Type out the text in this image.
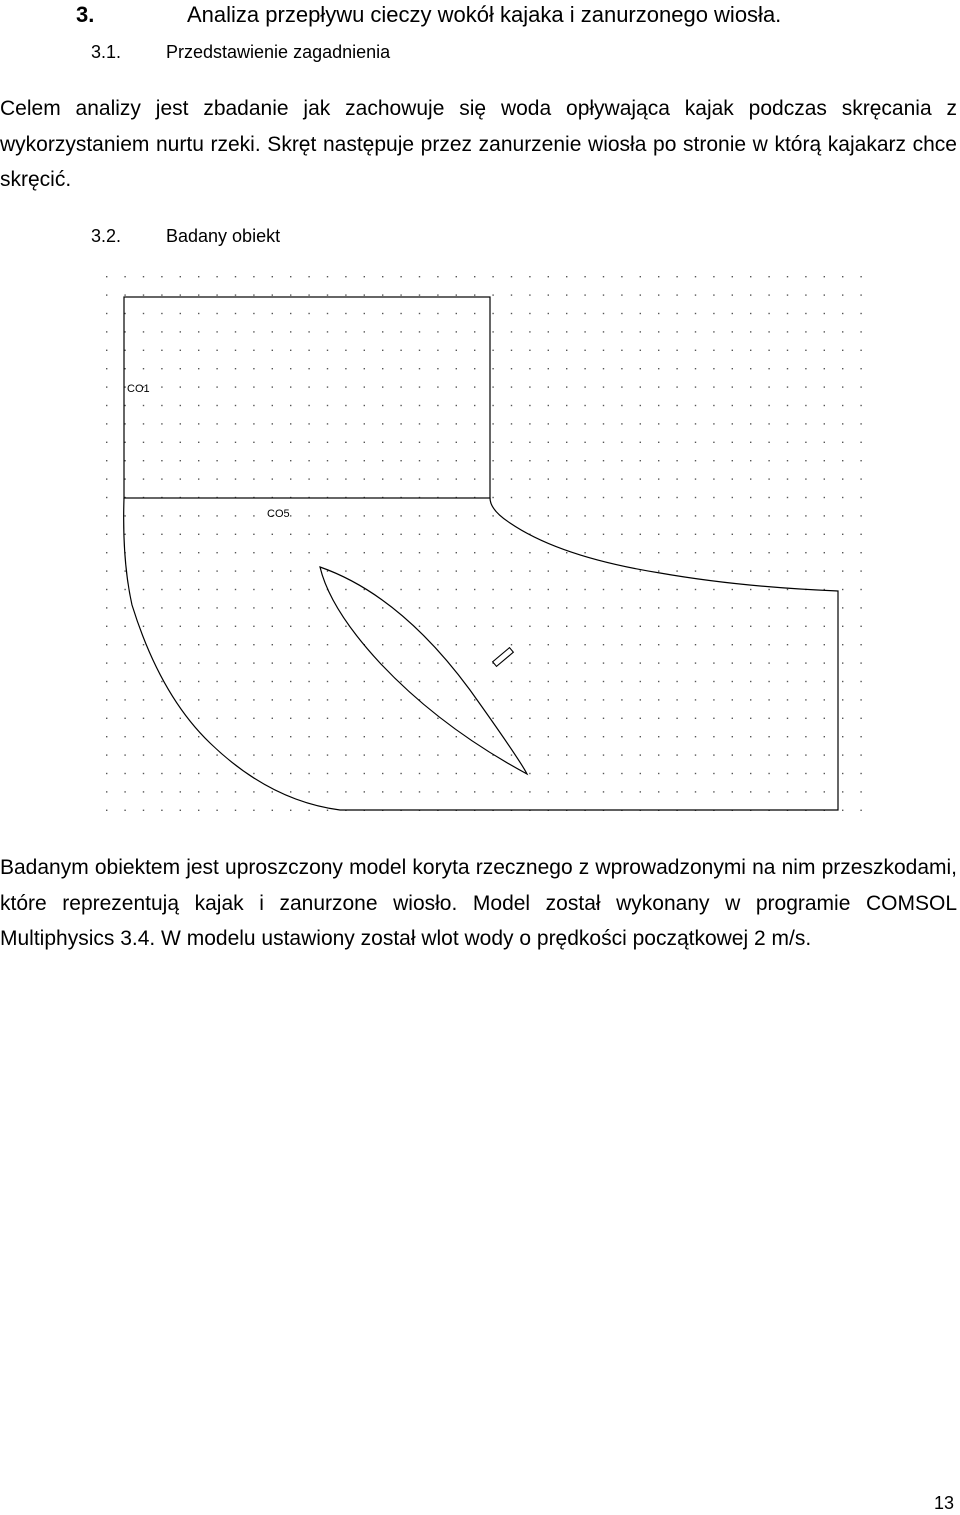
3.	Analiza przepływu cieczy wokół kajaka i zanurzonego wiosła.
3.1. Przedstawienie zagadnienia

Celem analizy jest zbadanie jak zachowuje się woda opływająca kajak podczas skręcania z wykorzystaniem nurtu rzeki. Skręt następuje przez zanurzenie wiosła po stronie w którą kajakarz chce skręcić.

3.2. Badany obiekt
CO1
CO5

Badanym obiektem jest uproszczony model koryta rzecznego z wprowadzonymi na nim przeszkodami, które reprezentują kajak i zanurzone wiosło. Model został wykonany w programie COMSOL Multiphysics 3.4. W modelu ustawiony został wlot wody o prędkości początkowej 2 m/s.

13
